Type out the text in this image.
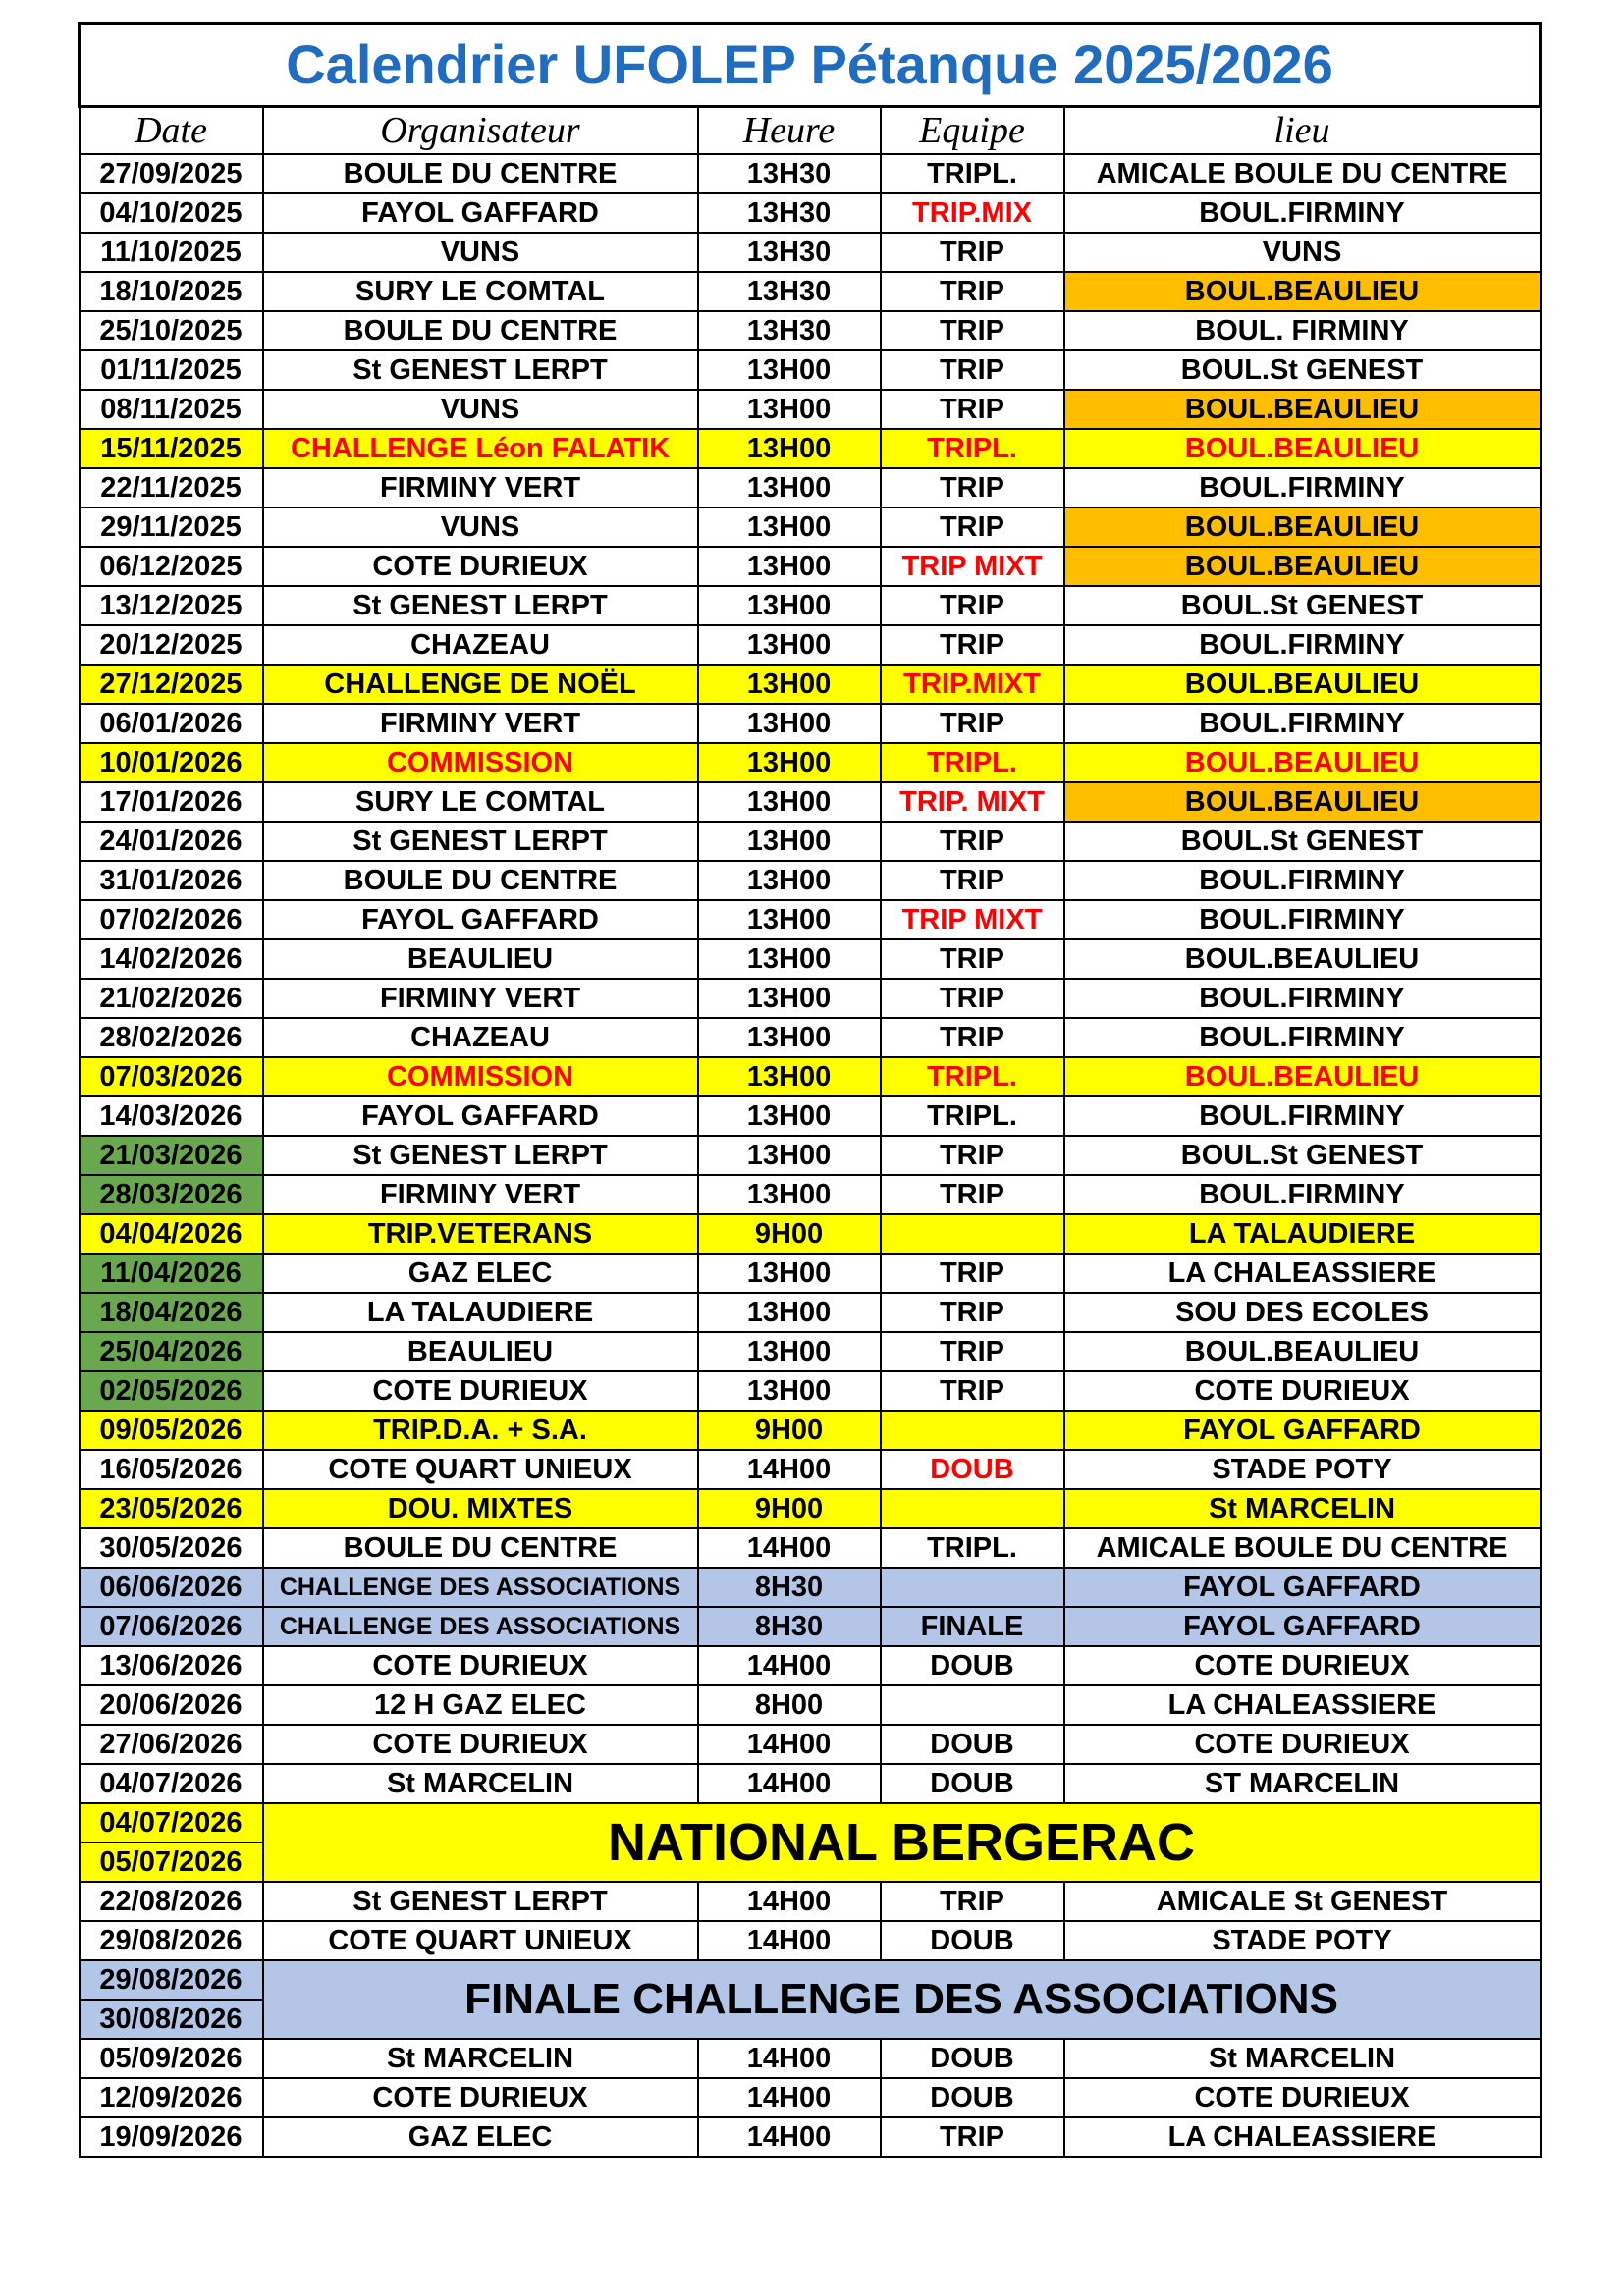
Calendrier UFOLEP Pétanque 2025/2026				
Date	Organisateur	Heure	Equipe	lieu
27/09/2025	BOULE DU CENTRE	13H30	TRIPL.	AMICALE BOULE DU CENTRE
04/10/2025	FAYOL GAFFARD	13H30	TRIP.MIX	BOUL.FIRMINY
11/10/2025	VUNS	13H30	TRIP	VUNS
18/10/2025	SURY LE COMTAL	13H30	TRIP	BOUL.BEAULIEU
25/10/2025	BOULE DU CENTRE	13H30	TRIP	BOUL. FIRMINY
01/11/2025	St GENEST LERPT	13H00	TRIP	BOUL.St GENEST
08/11/2025	VUNS	13H00	TRIP	BOUL.BEAULIEU
15/11/2025	CHALLENGE Léon FALATIK	13H00	TRIPL.	BOUL.BEAULIEU
22/11/2025	FIRMINY VERT	13H00	TRIP	BOUL.FIRMINY
29/11/2025	VUNS	13H00	TRIP	BOUL.BEAULIEU
06/12/2025	COTE DURIEUX	13H00	TRIP MIXT	BOUL.BEAULIEU
13/12/2025	St GENEST LERPT	13H00	TRIP	BOUL.St GENEST
20/12/2025	CHAZEAU	13H00	TRIP	BOUL.FIRMINY
27/12/2025	CHALLENGE DE NOËL	13H00	TRIP.MIXT	BOUL.BEAULIEU
06/01/2026	FIRMINY VERT	13H00	TRIP	BOUL.FIRMINY
10/01/2026	COMMISSION	13H00	TRIPL.	BOUL.BEAULIEU
17/01/2026	SURY LE COMTAL	13H00	TRIP. MIXT	BOUL.BEAULIEU
24/01/2026	St GENEST LERPT	13H00	TRIP	BOUL.St GENEST
31/01/2026	BOULE DU CENTRE	13H00	TRIP	BOUL.FIRMINY
07/02/2026	FAYOL GAFFARD	13H00	TRIP MIXT	BOUL.FIRMINY
14/02/2026	BEAULIEU	13H00	TRIP	BOUL.BEAULIEU
21/02/2026	FIRMINY VERT	13H00	TRIP	BOUL.FIRMINY
28/02/2026	CHAZEAU	13H00	TRIP	BOUL.FIRMINY
07/03/2026	COMMISSION	13H00	TRIPL.	BOUL.BEAULIEU
14/03/2026	FAYOL GAFFARD	13H00	TRIPL.	BOUL.FIRMINY
21/03/2026	St GENEST LERPT	13H00	TRIP	BOUL.St GENEST
28/03/2026	FIRMINY VERT	13H00	TRIP	BOUL.FIRMINY
04/04/2026	TRIP.VETERANS	9H00		LA TALAUDIERE
11/04/2026	GAZ ELEC	13H00	TRIP	LA CHALEASSIERE
18/04/2026	LA TALAUDIERE	13H00	TRIP	SOU DES ECOLES
25/04/2026	BEAULIEU	13H00	TRIP	BOUL.BEAULIEU
02/05/2026	COTE DURIEUX	13H00	TRIP	COTE DURIEUX
09/05/2026	TRIP.D.A. + S.A.	9H00		FAYOL GAFFARD
16/05/2026	COTE QUART UNIEUX	14H00	DOUB	STADE POTY
23/05/2026	DOU. MIXTES	9H00		St MARCELIN
30/05/2026	BOULE DU CENTRE	14H00	TRIPL.	AMICALE BOULE DU CENTRE
06/06/2026	CHALLENGE DES ASSOCIATIONS	8H30		FAYOL GAFFARD
07/06/2026	CHALLENGE DES ASSOCIATIONS	8H30	FINALE	FAYOL GAFFARD
13/06/2026	COTE DURIEUX	14H00	DOUB	COTE DURIEUX
20/06/2026	12 H GAZ ELEC	8H00		LA CHALEASSIERE
27/06/2026	COTE DURIEUX	14H00	DOUB	COTE DURIEUX
04/07/2026	St MARCELIN	14H00	DOUB	ST MARCELIN
04/07/2026	NATIONAL BERGERAC			
05/07/2026				
22/08/2026	St GENEST LERPT	14H00	TRIP	AMICALE St GENEST
29/08/2026	COTE QUART UNIEUX	14H00	DOUB	STADE POTY
29/08/2026	FINALE CHALLENGE DES ASSOCIATIONS			
30/08/2026				
05/09/2026	St MARCELIN	14H00	DOUB	St MARCELIN
12/09/2026	COTE DURIEUX	14H00	DOUB	COTE DURIEUX
19/09/2026	GAZ ELEC	14H00	TRIP	LA CHALEASSIERE
